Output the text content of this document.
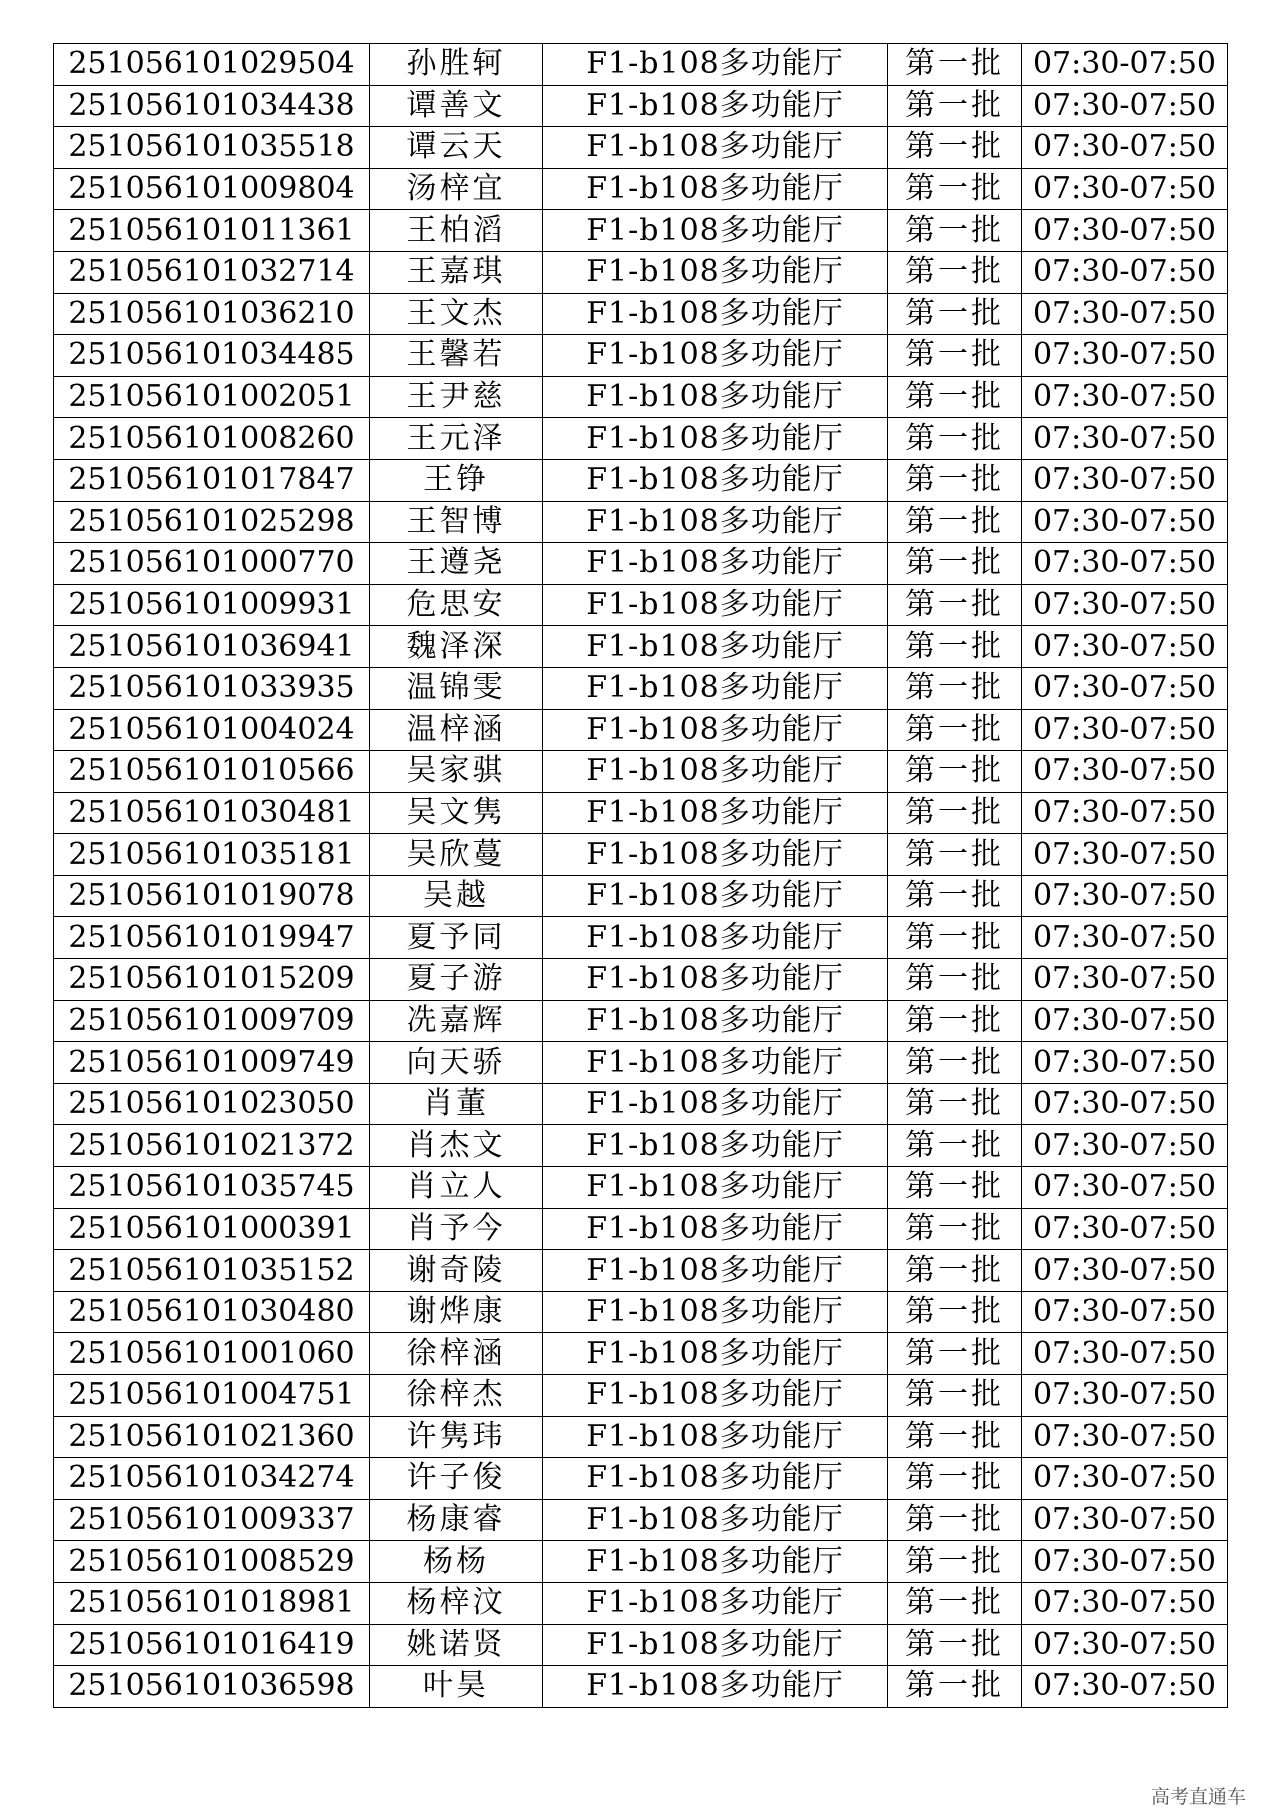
251056101029504	孙胜轲	F1-b108多功能厅	第一批	07:30-07:50
251056101034438	谭善文	F1-b108多功能厅	第一批	07:30-07:50
251056101035518	谭云天	F1-b108多功能厅	第一批	07:30-07:50
251056101009804	汤梓宜	F1-b108多功能厅	第一批	07:30-07:50
251056101011361	王柏滔	F1-b108多功能厅	第一批	07:30-07:50
251056101032714	王嘉琪	F1-b108多功能厅	第一批	07:30-07:50
251056101036210	王文杰	F1-b108多功能厅	第一批	07:30-07:50
251056101034485	王馨若	F1-b108多功能厅	第一批	07:30-07:50
251056101002051	王尹慈	F1-b108多功能厅	第一批	07:30-07:50
251056101008260	王元泽	F1-b108多功能厅	第一批	07:30-07:50
251056101017847	王铮	F1-b108多功能厅	第一批	07:30-07:50
251056101025298	王智博	F1-b108多功能厅	第一批	07:30-07:50
251056101000770	王遵尧	F1-b108多功能厅	第一批	07:30-07:50
251056101009931	危思安	F1-b108多功能厅	第一批	07:30-07:50
251056101036941	魏泽深	F1-b108多功能厅	第一批	07:30-07:50
251056101033935	温锦雯	F1-b108多功能厅	第一批	07:30-07:50
251056101004024	温梓涵	F1-b108多功能厅	第一批	07:30-07:50
251056101010566	吴家骐	F1-b108多功能厅	第一批	07:30-07:50
251056101030481	吴文隽	F1-b108多功能厅	第一批	07:30-07:50
251056101035181	吴欣蔓	F1-b108多功能厅	第一批	07:30-07:50
251056101019078	吴越	F1-b108多功能厅	第一批	07:30-07:50
251056101019947	夏予同	F1-b108多功能厅	第一批	07:30-07:50
251056101015209	夏子游	F1-b108多功能厅	第一批	07:30-07:50
251056101009709	冼嘉辉	F1-b108多功能厅	第一批	07:30-07:50
251056101009749	向天骄	F1-b108多功能厅	第一批	07:30-07:50
251056101023050	肖董	F1-b108多功能厅	第一批	07:30-07:50
251056101021372	肖杰文	F1-b108多功能厅	第一批	07:30-07:50
251056101035745	肖立人	F1-b108多功能厅	第一批	07:30-07:50
251056101000391	肖予今	F1-b108多功能厅	第一批	07:30-07:50
251056101035152	谢奇陵	F1-b108多功能厅	第一批	07:30-07:50
251056101030480	谢烨康	F1-b108多功能厅	第一批	07:30-07:50
251056101001060	徐梓涵	F1-b108多功能厅	第一批	07:30-07:50
251056101004751	徐梓杰	F1-b108多功能厅	第一批	07:30-07:50
251056101021360	许隽玮	F1-b108多功能厅	第一批	07:30-07:50
251056101034274	许子俊	F1-b108多功能厅	第一批	07:30-07:50
251056101009337	杨康睿	F1-b108多功能厅	第一批	07:30-07:50
251056101008529	杨杨	F1-b108多功能厅	第一批	07:30-07:50
251056101018981	杨梓汶	F1-b108多功能厅	第一批	07:30-07:50
251056101016419	姚诺贤	F1-b108多功能厅	第一批	07:30-07:50
251056101036598	叶昊	F1-b108多功能厅	第一批	07:30-07:50
高考直通车
